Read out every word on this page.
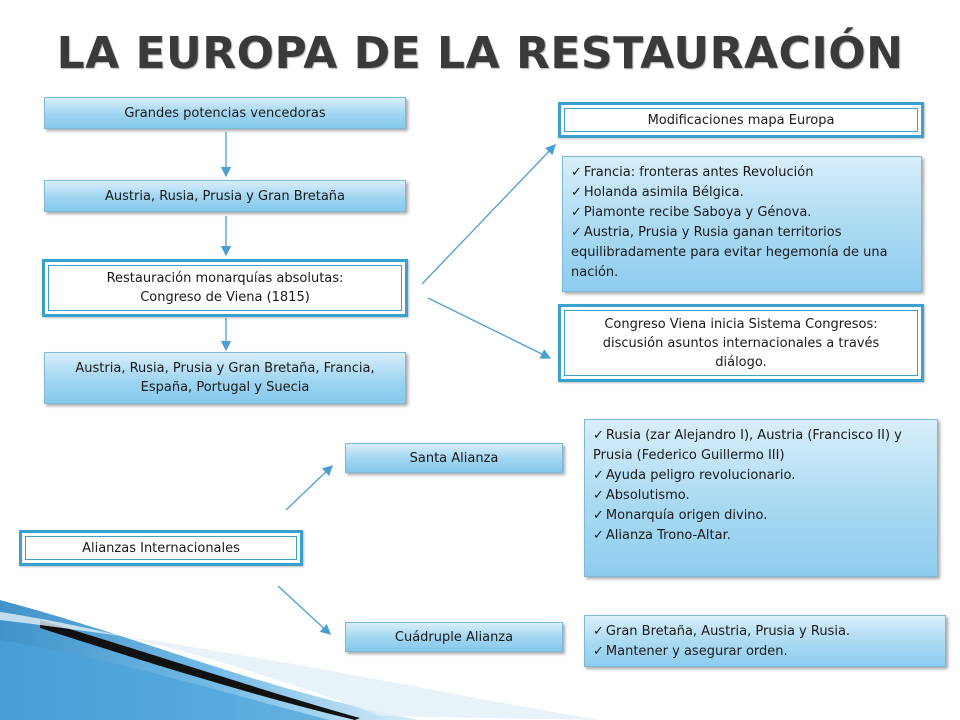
LA EUROPA DE LA RESTAURACIÓN
Grandes potencias vencedoras
Austria, Rusia, Prusia y Gran Bretaña
Restauración monarquías absolutas:
Congreso de Viena (1815)
Austria, Rusia, Prusia y Gran Bretaña, Francia,
España, Portugal y Suecia
Modificaciones mapa Europa
✓ Francia: fronteras antes Revolución
✓ Holanda asimila Bélgica.
✓ Piamonte recibe Saboya y Génova.
✓ Austria, Prusia y Rusia ganan territorios equilibradamente para evitar hegemonía de una nación.
Congreso Viena inicia Sistema Congresos:
discusión asuntos internacionales a través
diálogo.
Alianzas Internacionales
Santa Alianza
Cuádruple Alianza
✓ Rusia (zar Alejandro I), Austria (Francisco II) y Prusia (Federico Guillermo III)
✓ Ayuda peligro revolucionario.
✓ Absolutismo.
✓ Monarquía origen divino.
✓ Alianza Trono-Altar.
✓ Gran Bretaña, Austria, Prusia y Rusia.
✓ Mantener y asegurar orden.
